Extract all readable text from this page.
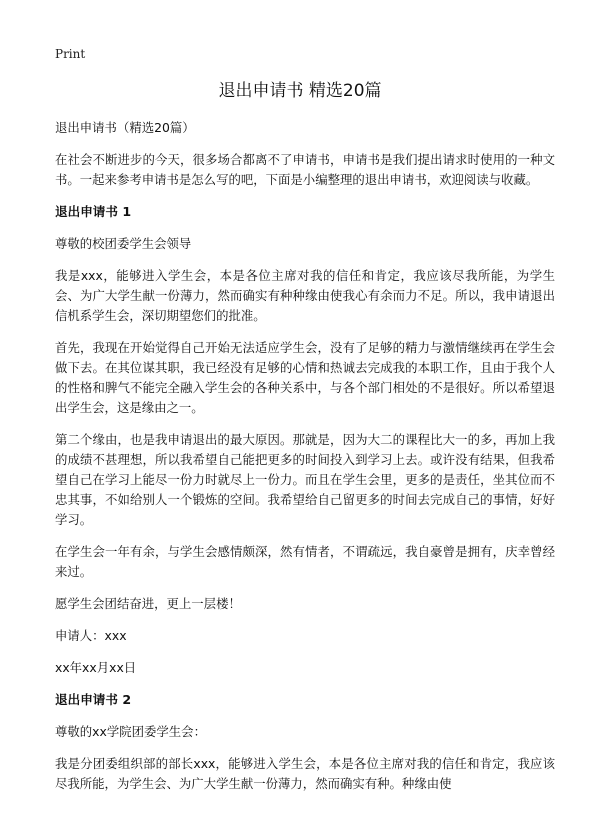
Print
退出申请书 精选20篇

退出申请书（精选20篇）

在社会不断进步的今天，很多场合都离不了申请书，申请书是我们提出请求时使用的一种文书。一起来参考申请书是怎么写的吧，下面是小编整理的退出申请书，欢迎阅读与收藏。

退出申请书 1

尊敬的校团委学生会领导

我是xxx，能够进入学生会，本是各位主席对我的信任和肯定，我应该尽我所能，为学生会、为广大学生献一份薄力，然而确实有种种缘由使我心有余而力不足。所以，我申请退出信机系学生会，深切期望您们的批准。

首先，我现在开始觉得自己开始无法适应学生会，没有了足够的精力与激情继续再在学生会做下去。在其位谋其职，我已经没有足够的心情和热诚去完成我的本职工作，且由于我个人的性格和脾气不能完全融入学生会的各种关系中，与各个部门相处的不是很好。所以希望退出学生会，这是缘由之一。

第二个缘由，也是我申请退出的最大原因。那就是，因为大二的课程比大一的多，再加上我的成绩不甚理想，所以我希望自己能把更多的时间投入到学习上去。或许没有结果，但我希望自己在学习上能尽一份力时就尽上一份力。而且在学生会里，更多的是责任，坐其位而不忠其事，不如给别人一个锻炼的空间。我希望给自己留更多的时间去完成自己的事情，好好学习。

在学生会一年有余，与学生会感情颇深，然有情者，不谓疏远，我自豪曾是拥有，庆幸曾经来过。

愿学生会团结奋进，更上一层楼！

申请人：xxx

xx年xx月xx日

退出申请书 2

尊敬的xx学院团委学生会：

我是分团委组织部的部长xxx，能够进入学生会，本是各位主席对我的信任和肯定，我应该尽我所能，为学生会、为广大学生献一份薄力，然而确实有种。种缘由使
